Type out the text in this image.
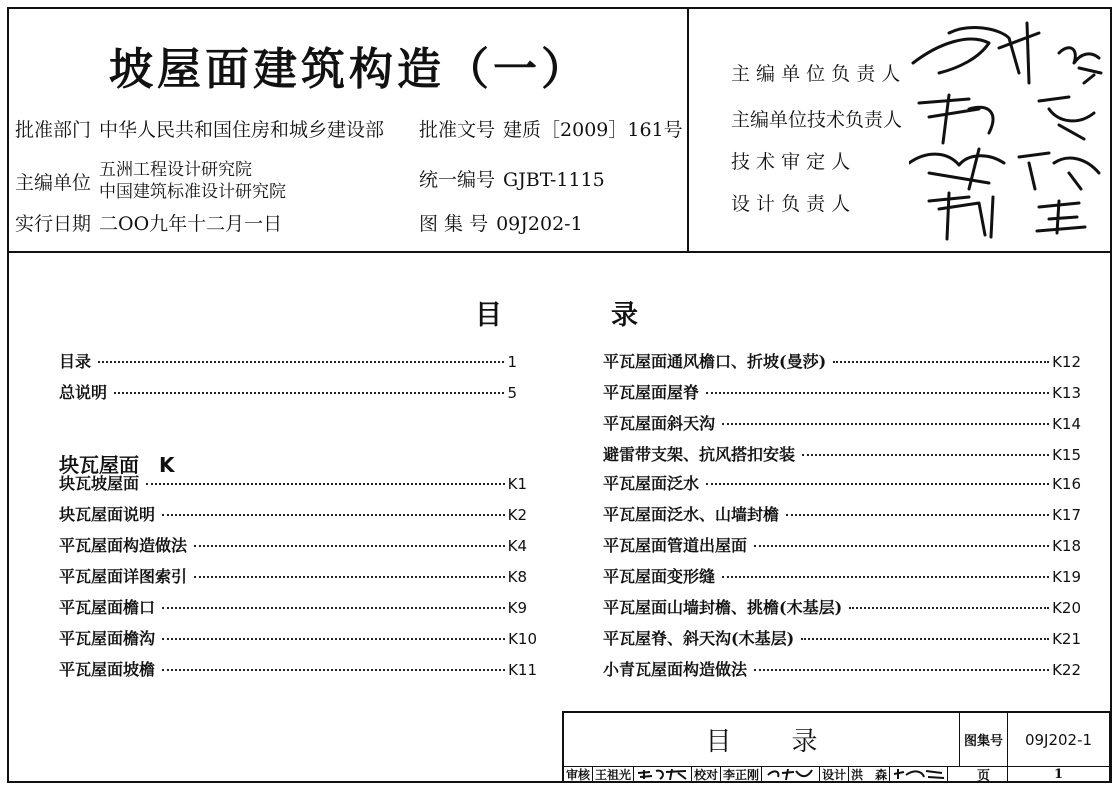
坡屋面建筑构造（一）
批准部门 中华人民共和国住房和城乡建设部 批准文号 建质［2009］161号
主编单位
五洲工程设计研究院
中国建筑标准设计研究院
统一编号 GJBT-1115
实行日期 二OO九年十二月一日	图 集 号 09J202-1
主 编 单 位 负 责 人
主编单位技术负责人
技 术 审 定 人
设 计 负 责 人
目	录
目录	1
总说明	5
块瓦屋面　K
块瓦坡屋面	K1
块瓦屋面说明	K2
平瓦屋面构造做法	K4
平瓦屋面详图索引	K8
平瓦屋面檐口	K9
平瓦屋面檐沟	K10
平瓦屋面坡檐	K11
平瓦屋面通风檐口、折坡(曼莎)	K12
平瓦屋面屋脊	K13
平瓦屋面斜天沟	K14
避雷带支架、抗风搭扣安装	K15
平瓦屋面泛水	K16
平瓦屋面泛水、山墙封檐	K17
平瓦屋面管道出屋面	K18
平瓦屋面变形缝	K19
平瓦屋面山墙封檐、挑檐(木基层)	K20
平瓦屋脊、斜天沟(木基层)	K21
小青瓦屋面构造做法	K22
目录	图集号 09J202-1
页	1
审核 王祖光	校对 李正刚	设计 洪　森
